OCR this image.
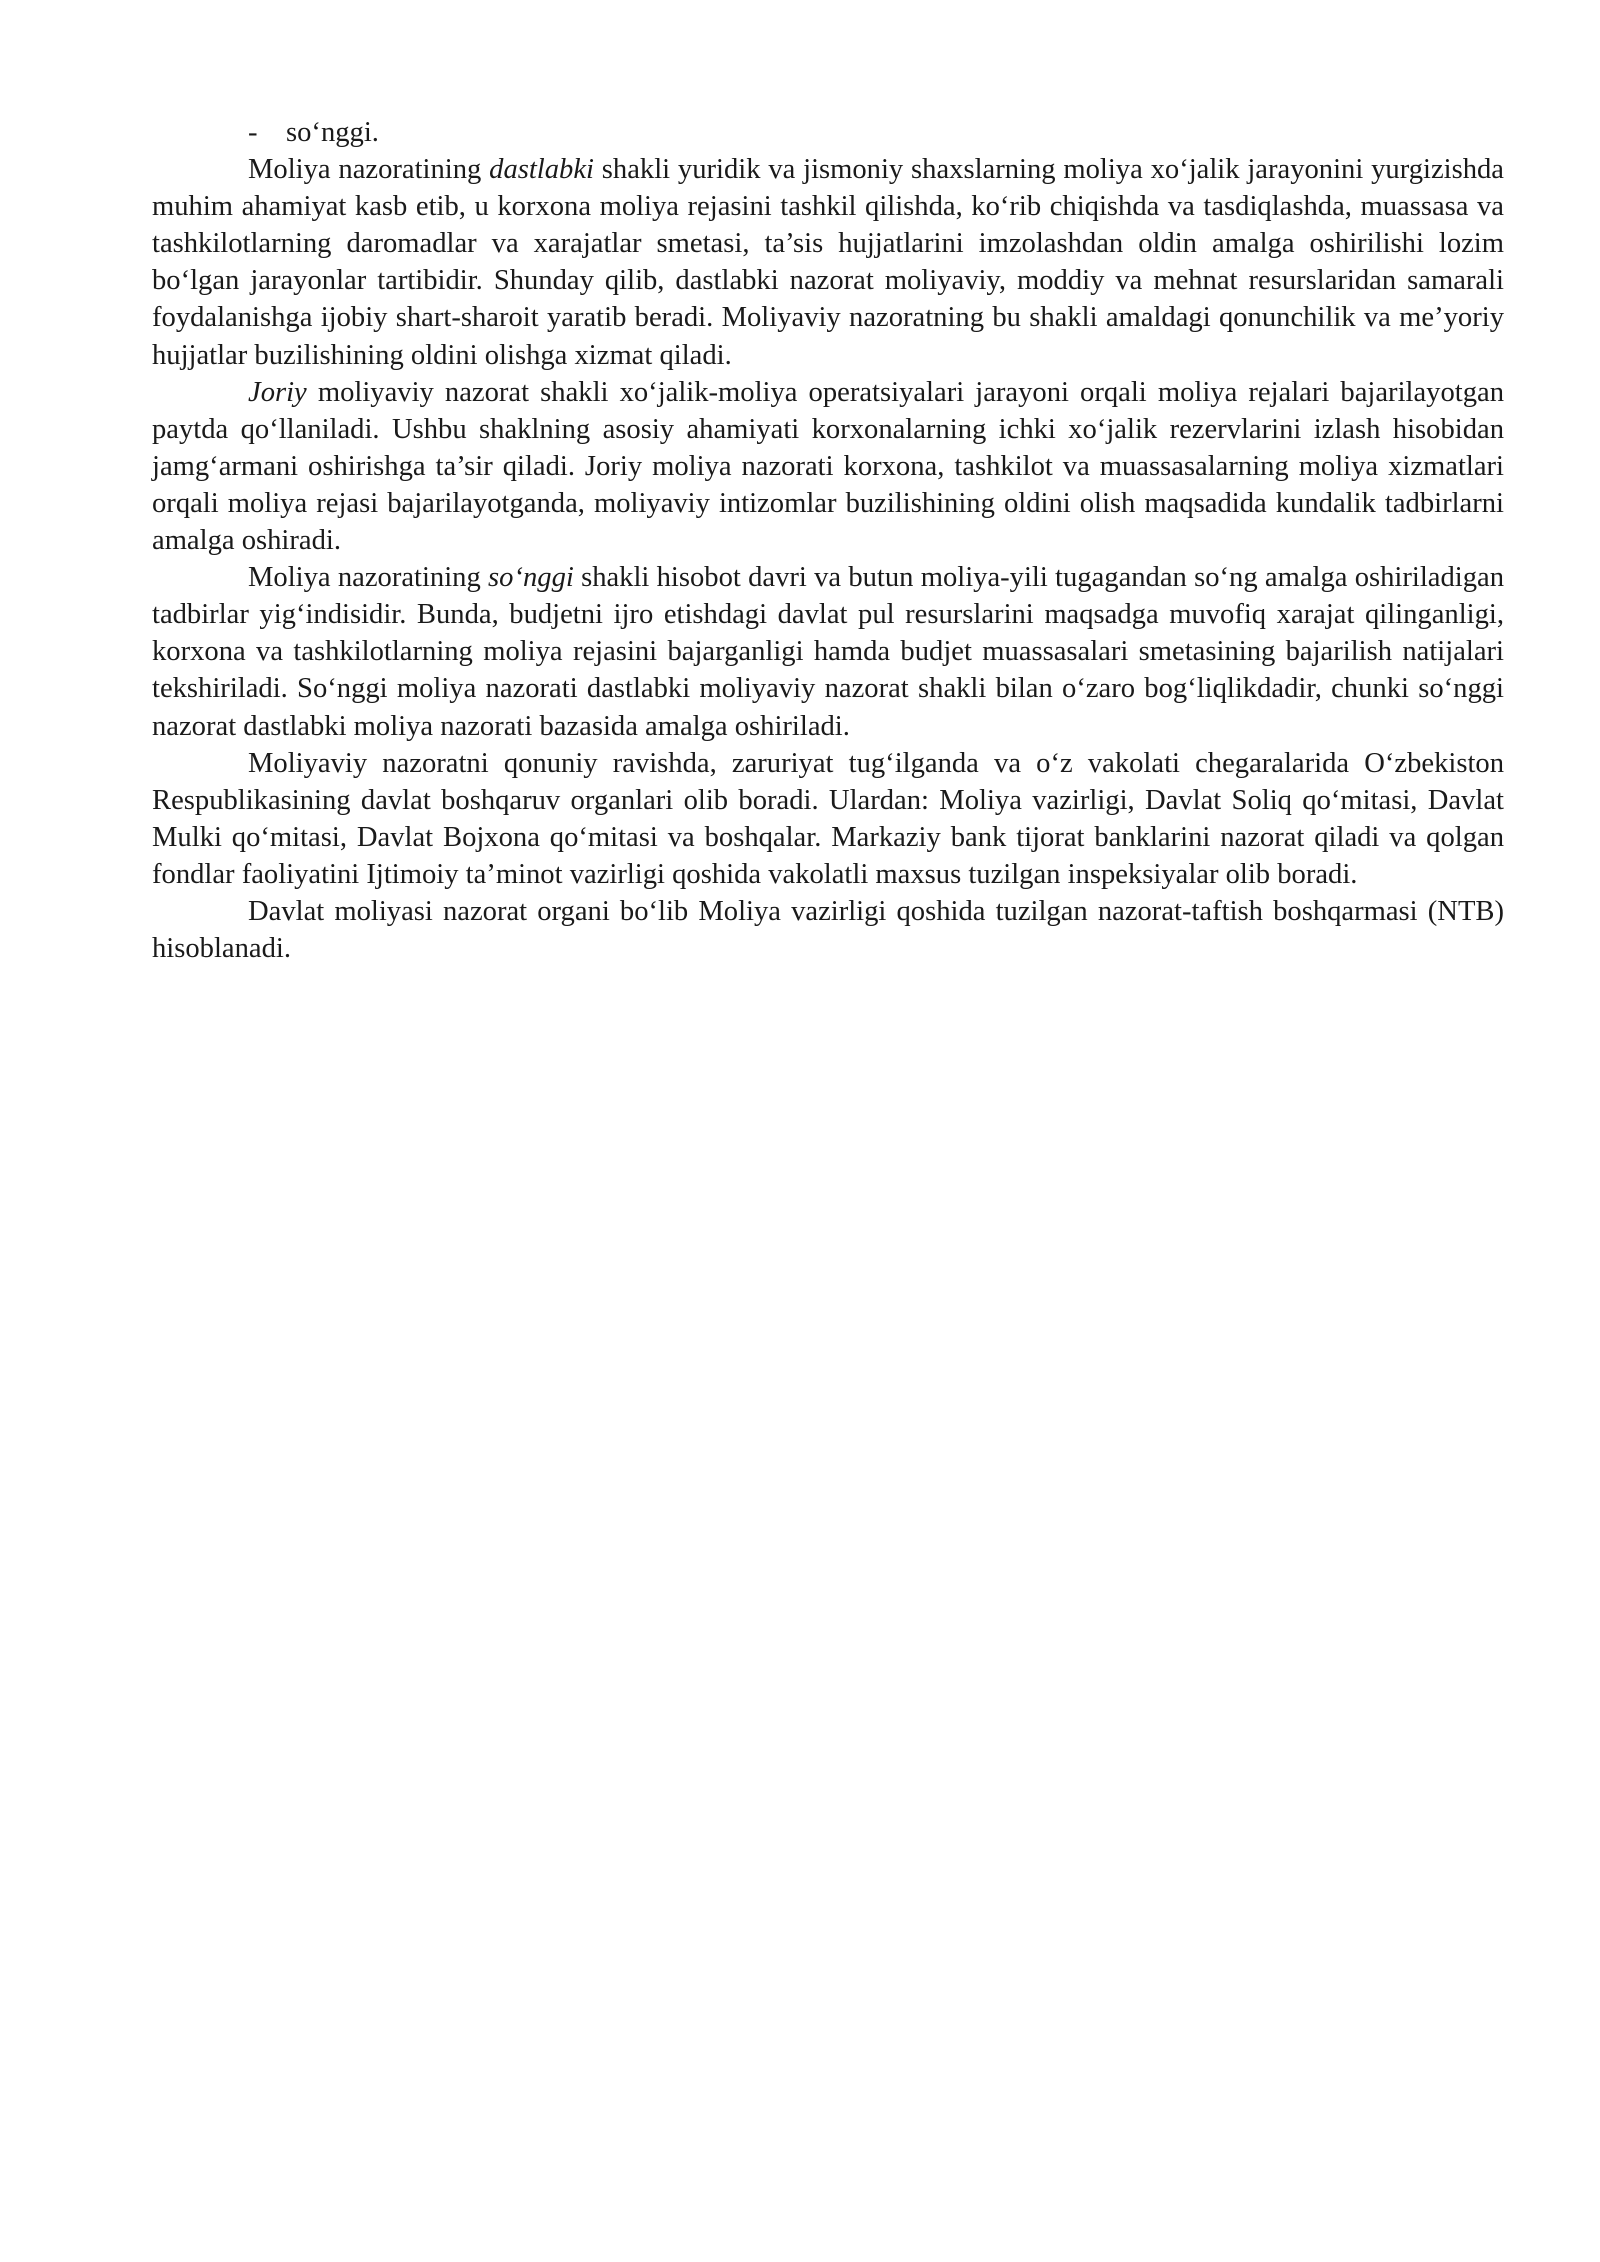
- so‘nggi.

Moliya nazoratining dastlabki shakli yuridik va jismoniy shaxslarning moliya xo‘jalik jarayonini yurgizishda muhim ahamiyat kasb etib, u korxona moliya rejasini tashkil qilishda, ko‘rib chiqishda va tasdiqlashda, muassasa va tashkilotlarning daromadlar va xarajatlar smetasi, ta’sis hujjatlarini imzolashdan oldin amalga oshirilishi lozim bo‘lgan jarayonlar tartibidir. Shunday qilib, dastlabki nazorat moliyaviy, moddiy va mehnat resurslaridan samarali foydalanishga ijobiy shart-sharoit yaratib beradi. Moliyaviy nazoratning bu shakli amaldagi qonunchilik va me’yoriy hujjatlar buzilishining oldini olishga xizmat qiladi.

Joriy moliyaviy nazorat shakli xo‘jalik-moliya operatsiyalari jarayoni orqali moliya rejalari bajarilayotgan paytda qo‘llaniladi. Ushbu shaklning asosiy ahamiyati korxonalarning ichki xo‘jalik rezervlarini izlash hisobidan jamg‘armani oshirishga ta’sir qiladi. Joriy moliya nazorati korxona, tashkilot va muassasalarning moliya xizmatlari orqali moliya rejasi bajarilayotganda, moliyaviy intizomlar buzilishining oldini olish maqsadida kundalik tadbirlarni amalga oshiradi.

Moliya nazoratining so‘nggi shakli hisobot davri va butun moliya-yili tugagandan so‘ng amalga oshiriladigan tadbirlar yig‘indisidir. Bunda, budjetni ijro etishdagi davlat pul resurslarini maqsadga muvofiq xarajat qilinganligi, korxona va tashkilotlarning moliya rejasini bajarganligi hamda budjet muassasalari smetasining bajarilish natijalari tekshiriladi. So‘nggi moliya nazorati dastlabki moliyaviy nazorat shakli bilan o‘zaro bog‘liqlikdadir, chunki so‘nggi nazorat dastlabki moliya nazorati bazasida amalga oshiriladi.

Moliyaviy nazoratni qonuniy ravishda, zaruriyat tug‘ilganda va o‘z vakolati chegaralarida O‘zbekiston Respublikasining davlat boshqaruv organlari olib boradi. Ulardan: Moliya vazirligi, Davlat Soliq qo‘mitasi, Davlat Mulki qo‘mitasi, Davlat Bojxona qo‘mitasi va boshqalar. Markaziy bank tijorat banklarini nazorat qiladi va qolgan fondlar faoliyatini Ijtimoiy ta’minot vazirligi qoshida vakolatli maxsus tuzilgan inspeksiyalar olib boradi.

Davlat moliyasi nazorat organi bo‘lib Moliya vazirligi qoshida tuzilgan nazorat-taftish boshqarmasi (NTB) hisoblanadi.
